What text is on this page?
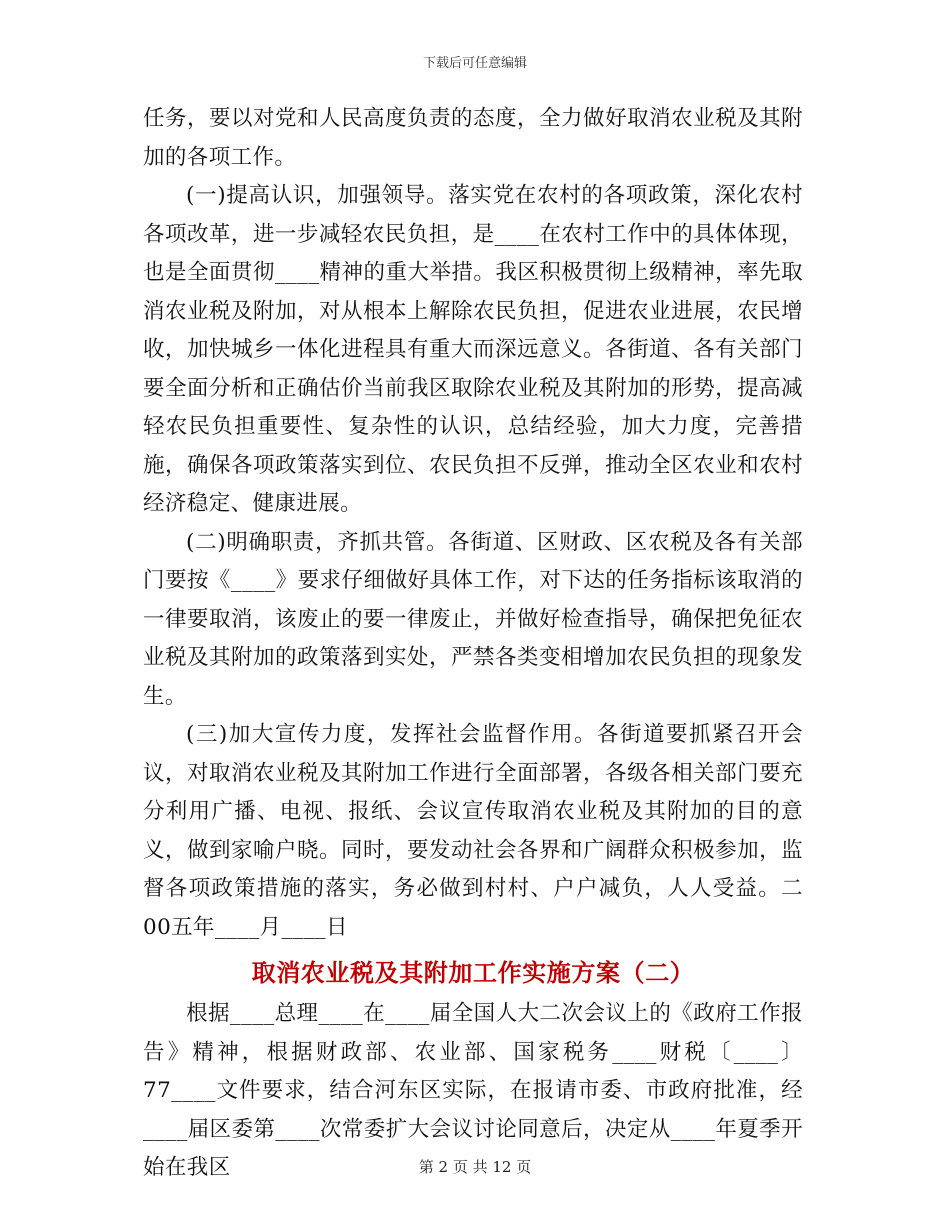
下载后可任意编辑

任务，要以对党和人民高度负责的态度，全力做好取消农业税及其附加的各项工作。

(一)提高认识，加强领导。落实党在农村的各项政策，深化农村各项改革，进一步减轻农民负担，是____在农村工作中的具体体现，也是全面贯彻____精神的重大举措。我区积极贯彻上级精神，率先取消农业税及附加，对从根本上解除农民负担，促进农业进展，农民增收，加快城乡一体化进程具有重大而深远意义。各街道、各有关部门要全面分析和正确估价当前我区取除农业税及其附加的形势，提高减轻农民负担重要性、复杂性的认识，总结经验，加大力度，完善措施，确保各项政策落实到位、农民负担不反弹，推动全区农业和农村经济稳定、健康进展。

(二)明确职责，齐抓共管。各街道、区财政、区农税及各有关部门要按《____》要求仔细做好具体工作，对下达的任务指标该取消的一律要取消，该废止的要一律废止，并做好检查指导，确保把免征农业税及其附加的政策落到实处，严禁各类变相增加农民负担的现象发生。

(三)加大宣传力度，发挥社会监督作用。各街道要抓紧召开会议，对取消农业税及其附加工作进行全面部署，各级各相关部门要充分利用广播、电视、报纸、会议宣传取消农业税及其附加的目的意义，做到家喻户晓。同时，要发动社会各界和广阔群众积极参加，监督各项政策措施的落实，务必做到村村、户户减负，人人受益。二00五年____月____日

取消农业税及其附加工作实施方案（二）

根据____总理____在____届全国人大二次会议上的《政府工作报告》精神，根据财政部、农业部、国家税务____财税〔____〕77____文件要求，结合河东区实际，在报请市委、市政府批准，经____届区委第____次常委扩大会议讨论同意后，决定从____年夏季开始在我区	第 2 页 共 12 页
